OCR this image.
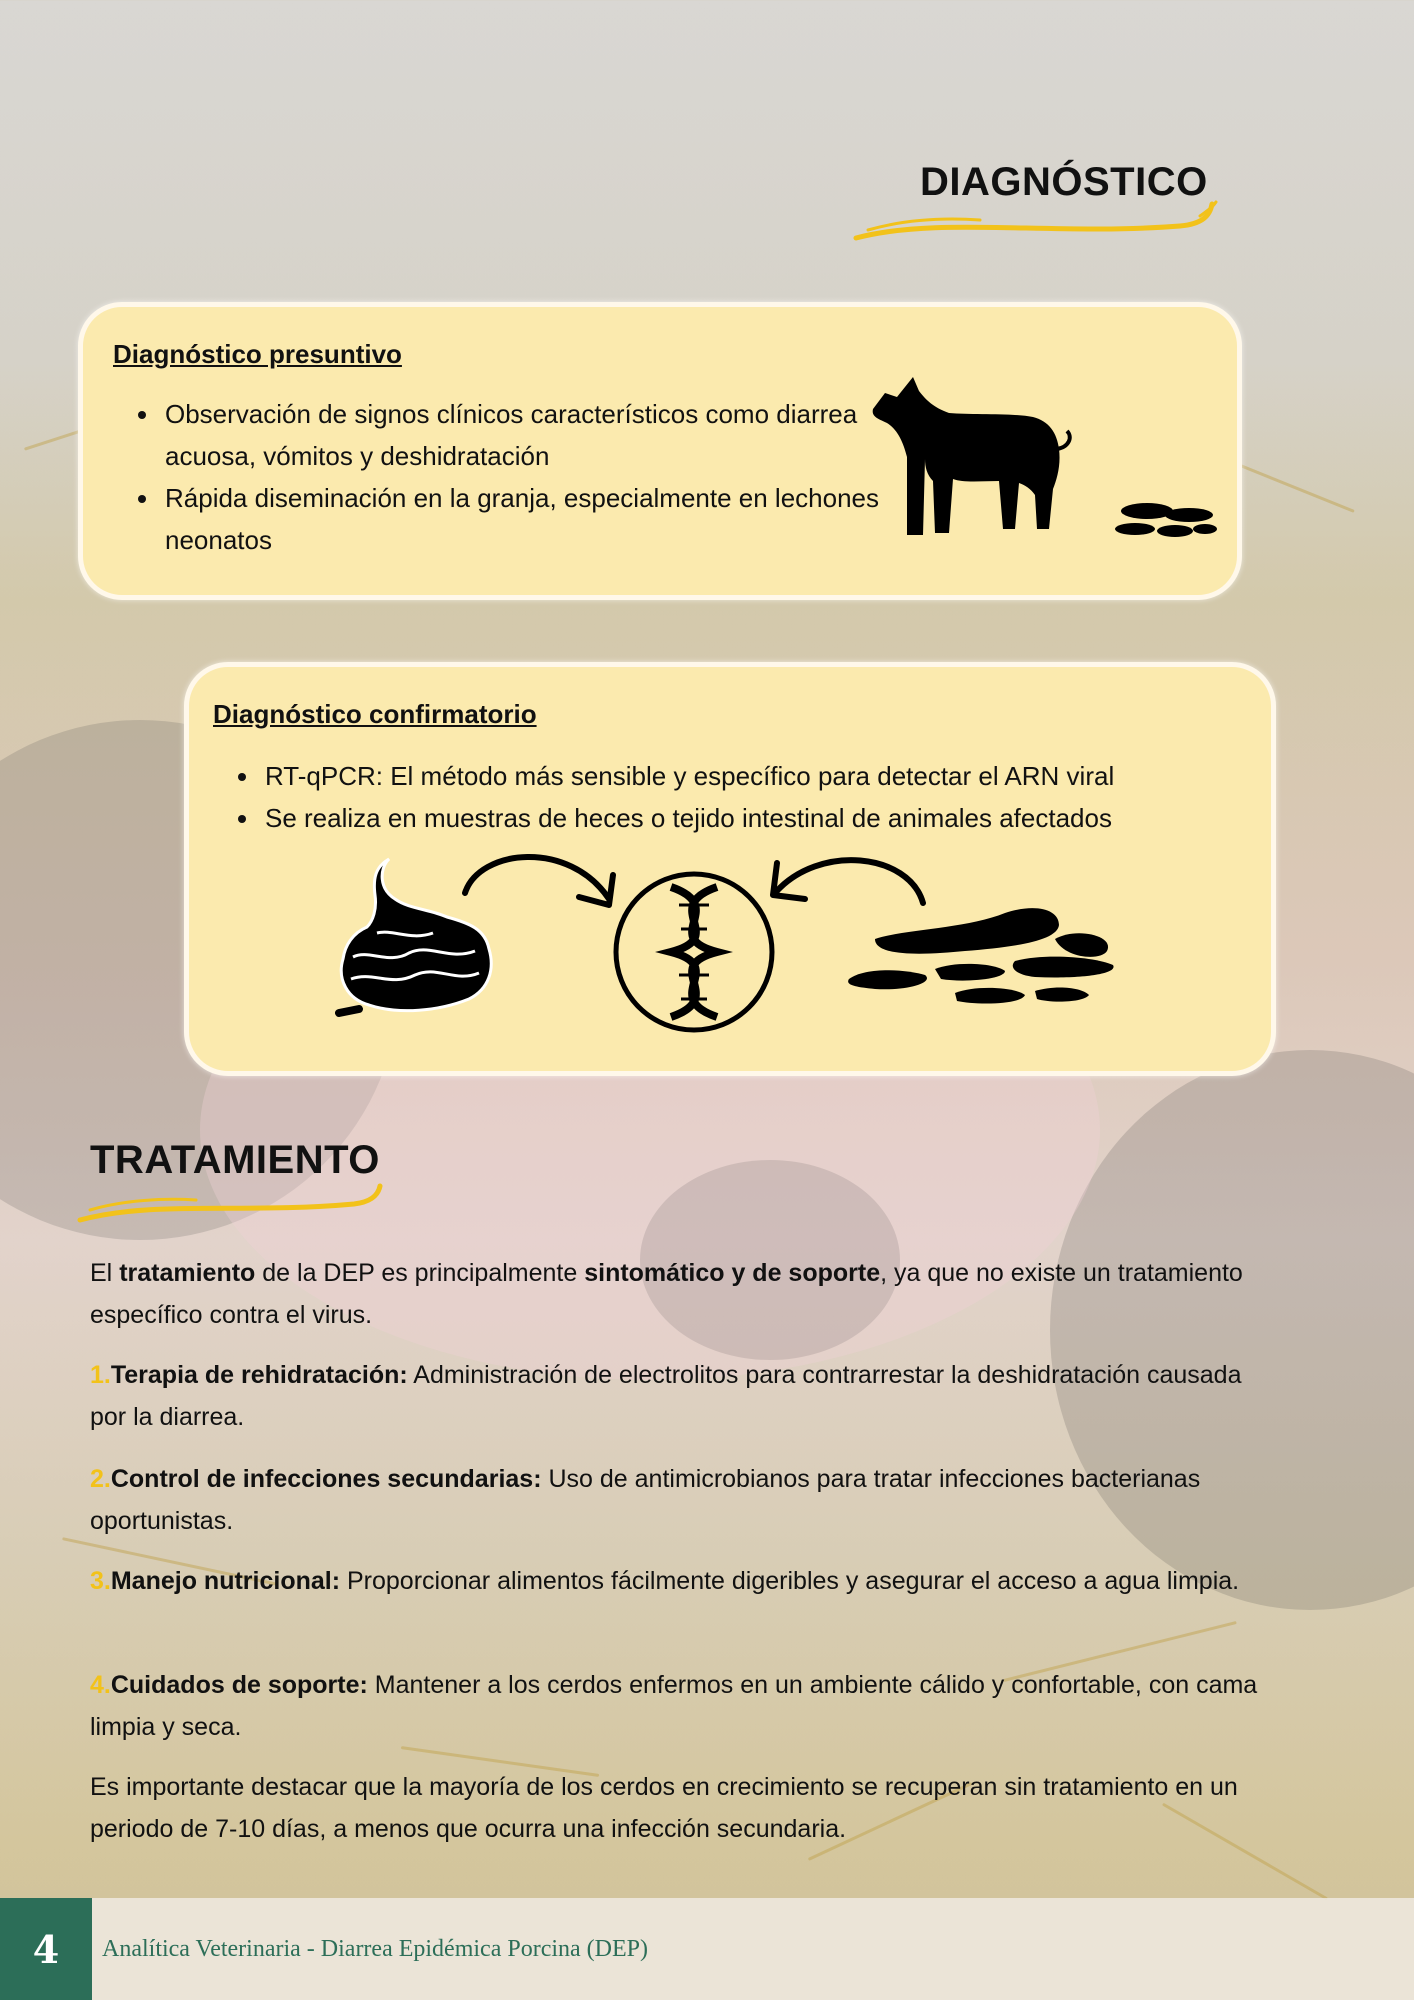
DIAGNÓSTICO
Diagnóstico presuntivo
• Observación de signos clínicos característicos como diarrea acuosa, vómitos y deshidratación
• Rápida diseminación en la granja, especialmente en lechones neonatos
Diagnóstico confirmatorio
• RT-qPCR: El método más sensible y específico para detectar el ARN viral
• Se realiza en muestras de heces o tejido intestinal de animales afectados
TRATAMIENTO

El tratamiento de la DEP es principalmente sintomático y de soporte, ya que no existe un tratamiento específico contra el virus.

1.Terapia de rehidratación: Administración de electrolitos para contrarrestar la deshidratación causada por la diarrea.

2.Control de infecciones secundarias: Uso de antimicrobianos para tratar infecciones bacterianas oportunistas.

3.Manejo nutricional: Proporcionar alimentos fácilmente digeribles y asegurar el acceso a agua limpia.

4.Cuidados de soporte: Mantener a los cerdos enfermos en un ambiente cálido y confortable, con cama limpia y seca.

Es importante destacar que la mayoría de los cerdos en crecimiento se recuperan sin tratamiento en un periodo de 7-10 días, a menos que ocurra una infección secundaria.

4	Analítica Veterinaria - Diarrea Epidémica Porcina (DEP)
